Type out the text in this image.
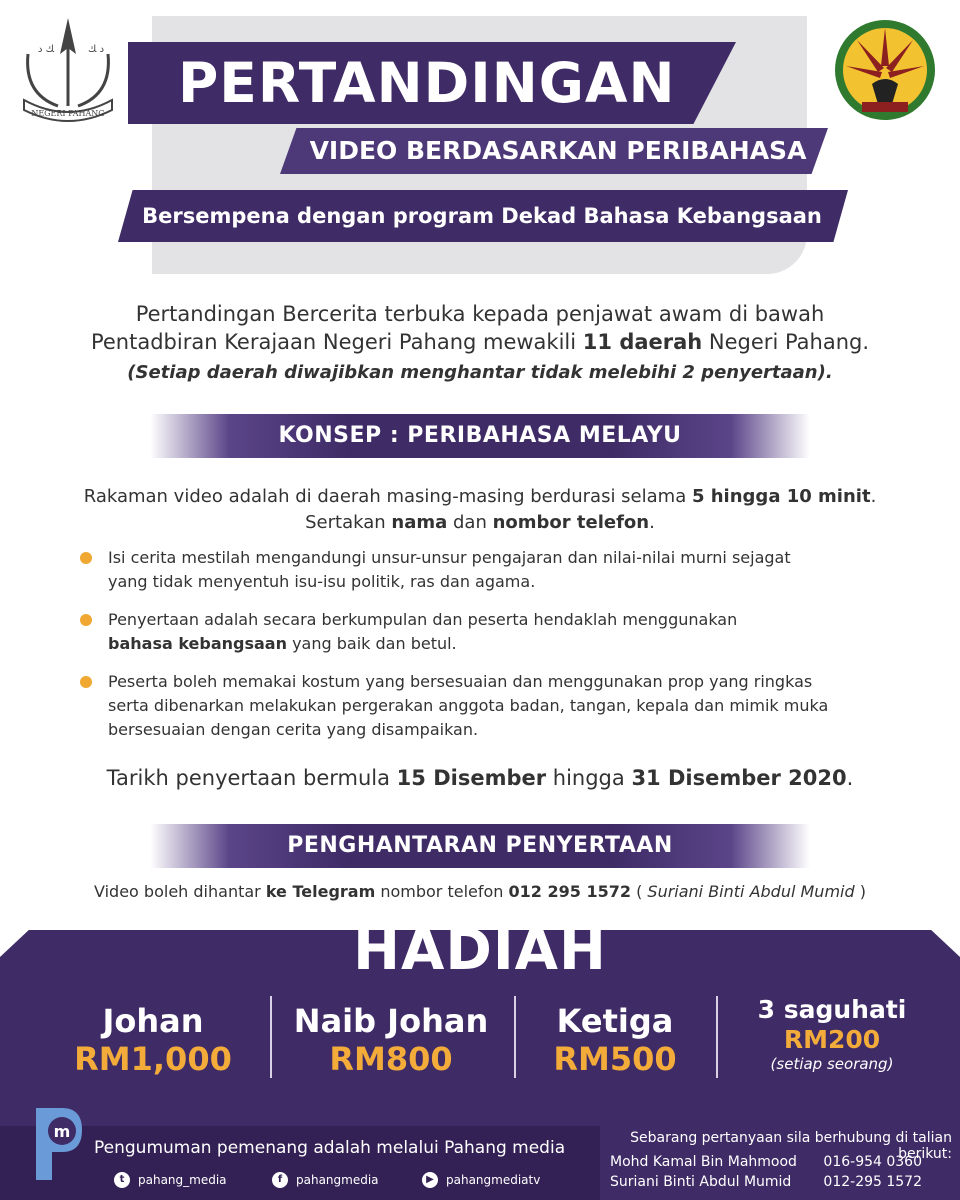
PERTANDINGAN
VIDEO BERDASARKAN PERIBAHASA
Bersempena dengan program Dekad Bahasa Kebangsaan
NEGERI PAHANG
ﻚ ﺩ	ﺩ ﻚ
Pertandingan Bercerita terbuka kepada penjawat awam di bawah
Pentadbiran Kerajaan Negeri Pahang mewakili 11 daerah Negeri Pahang.
(Setiap daerah diwajibkan menghantar tidak melebihi 2 penyertaan).
KONSEP : PERIBAHASA MELAYU
Rakaman video adalah di daerah masing-masing berdurasi selama 5 hingga 10 minit.
Sertakan nama dan nombor telefon.
Isi cerita mestilah mengandungi unsur-unsur pengajaran dan nilai-nilai murni sejagat
yang tidak menyentuh isu-isu politik, ras dan agama.
Penyertaan adalah secara berkumpulan dan peserta hendaklah menggunakan
bahasa kebangsaan yang baik dan betul.
Peserta boleh memakai kostum yang bersesuaian dan menggunakan prop yang ringkas
serta dibenarkan melakukan pergerakan anggota badan, tangan, kepala dan mimik muka
bersesuaian dengan cerita yang disampaikan.
Tarikh penyertaan bermula 15 Disember hingga 31 Disember 2020.
PENGHANTARAN PENYERTAAN
Video boleh dihantar ke Telegram nombor telefon 012 295 1572 ( Suriani Binti Abdul Mumid )
HADIAH
Johan
RM1,000
Naib Johan
RM800
Ketiga
RM500
3 saguhati
RM200
(setiap seorang)
m
Pengumuman pemenang adalah melalui Pahang media
t	pahang_media	f	pahangmedia	▶	pahangmediatv
Sebarang pertanyaan sila berhubung di talian berikut:
Mohd Kamal Bin Mahmood 016-954 0360
Suriani Binti Abdul Mumid 012-295 1572
